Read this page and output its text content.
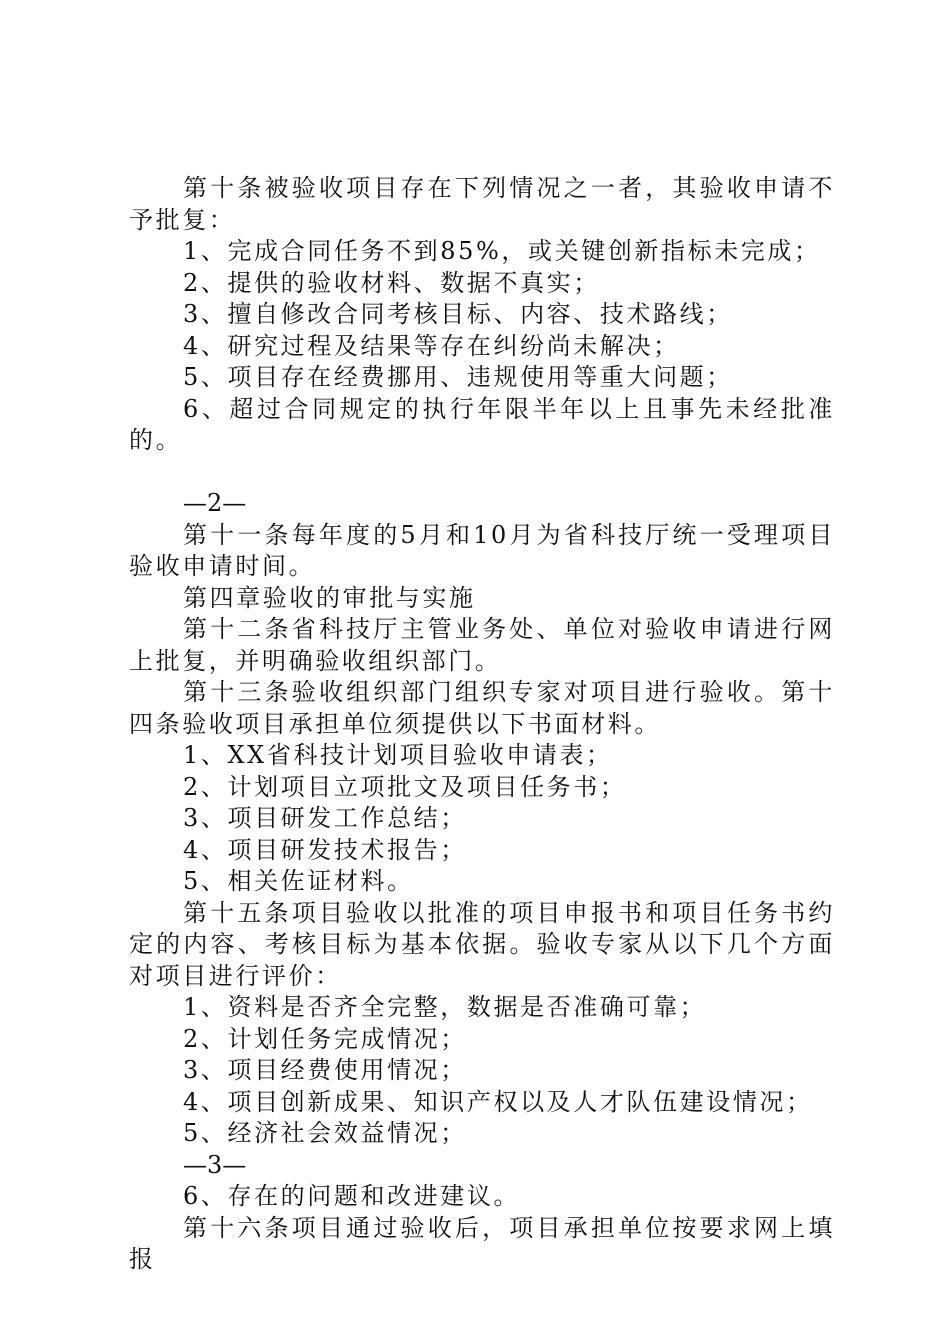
第十条被验收项目存在下列情况之一者，其验收申请不予批复：

1、完成合同任务不到85%，或关键创新指标未完成；

2、提供的验收材料、数据不真实；

3、擅自修改合同考核目标、内容、技术路线；

4、研究过程及结果等存在纠纷尚未解决；

5、项目存在经费挪用、违规使用等重大问题；

6、超过合同规定的执行年限半年以上且事先未经批准的。

—2—

第十一条每年度的5月和10月为省科技厅统一受理项目验收申请时间。

第四章验收的审批与实施

第十二条省科技厅主管业务处、单位对验收申请进行网上批复，并明确验收组织部门。

第十三条验收组织部门组织专家对项目进行验收。第十四条验收项目承担单位须提供以下书面材料。

1、XX省科技计划项目验收申请表；

2、计划项目立项批文及项目任务书；

3、项目研发工作总结；

4、项目研发技术报告；

5、相关佐证材料。

第十五条项目验收以批准的项目申报书和项目任务书约定的内容、考核目标为基本依据。验收专家从以下几个方面对项目进行评价：

1、资料是否齐全完整，数据是否准确可靠；

2、计划任务完成情况；

3、项目经费使用情况；

4、项目创新成果、知识产权以及人才队伍建设情况；

5、经济社会效益情况；

—3—

6、存在的问题和改进建议。

第十六条项目通过验收后，项目承担单位按要求网上填报
